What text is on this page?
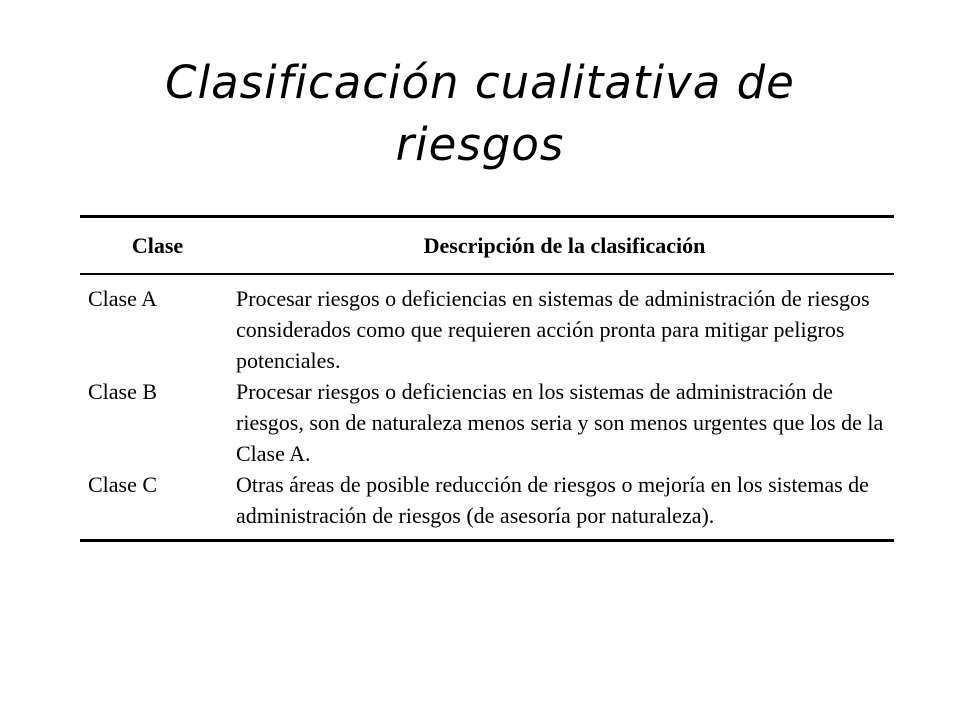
Clasificación cualitativa de
riesgos
Clase	Descripción de la clasificación
Clase A	Procesar riesgos o deficiencias en sistemas de administración de riesgos considerados como que requieren acción pronta para mitigar peligros potenciales.
Clase B	Procesar riesgos o deficiencias en los sistemas de administración de riesgos, son de naturaleza menos seria y son menos urgentes que los de la Clase A.
Clase C	Otras áreas de posible reducción de riesgos o mejoría en los sistemas de administración de riesgos (de asesoría por naturaleza).
